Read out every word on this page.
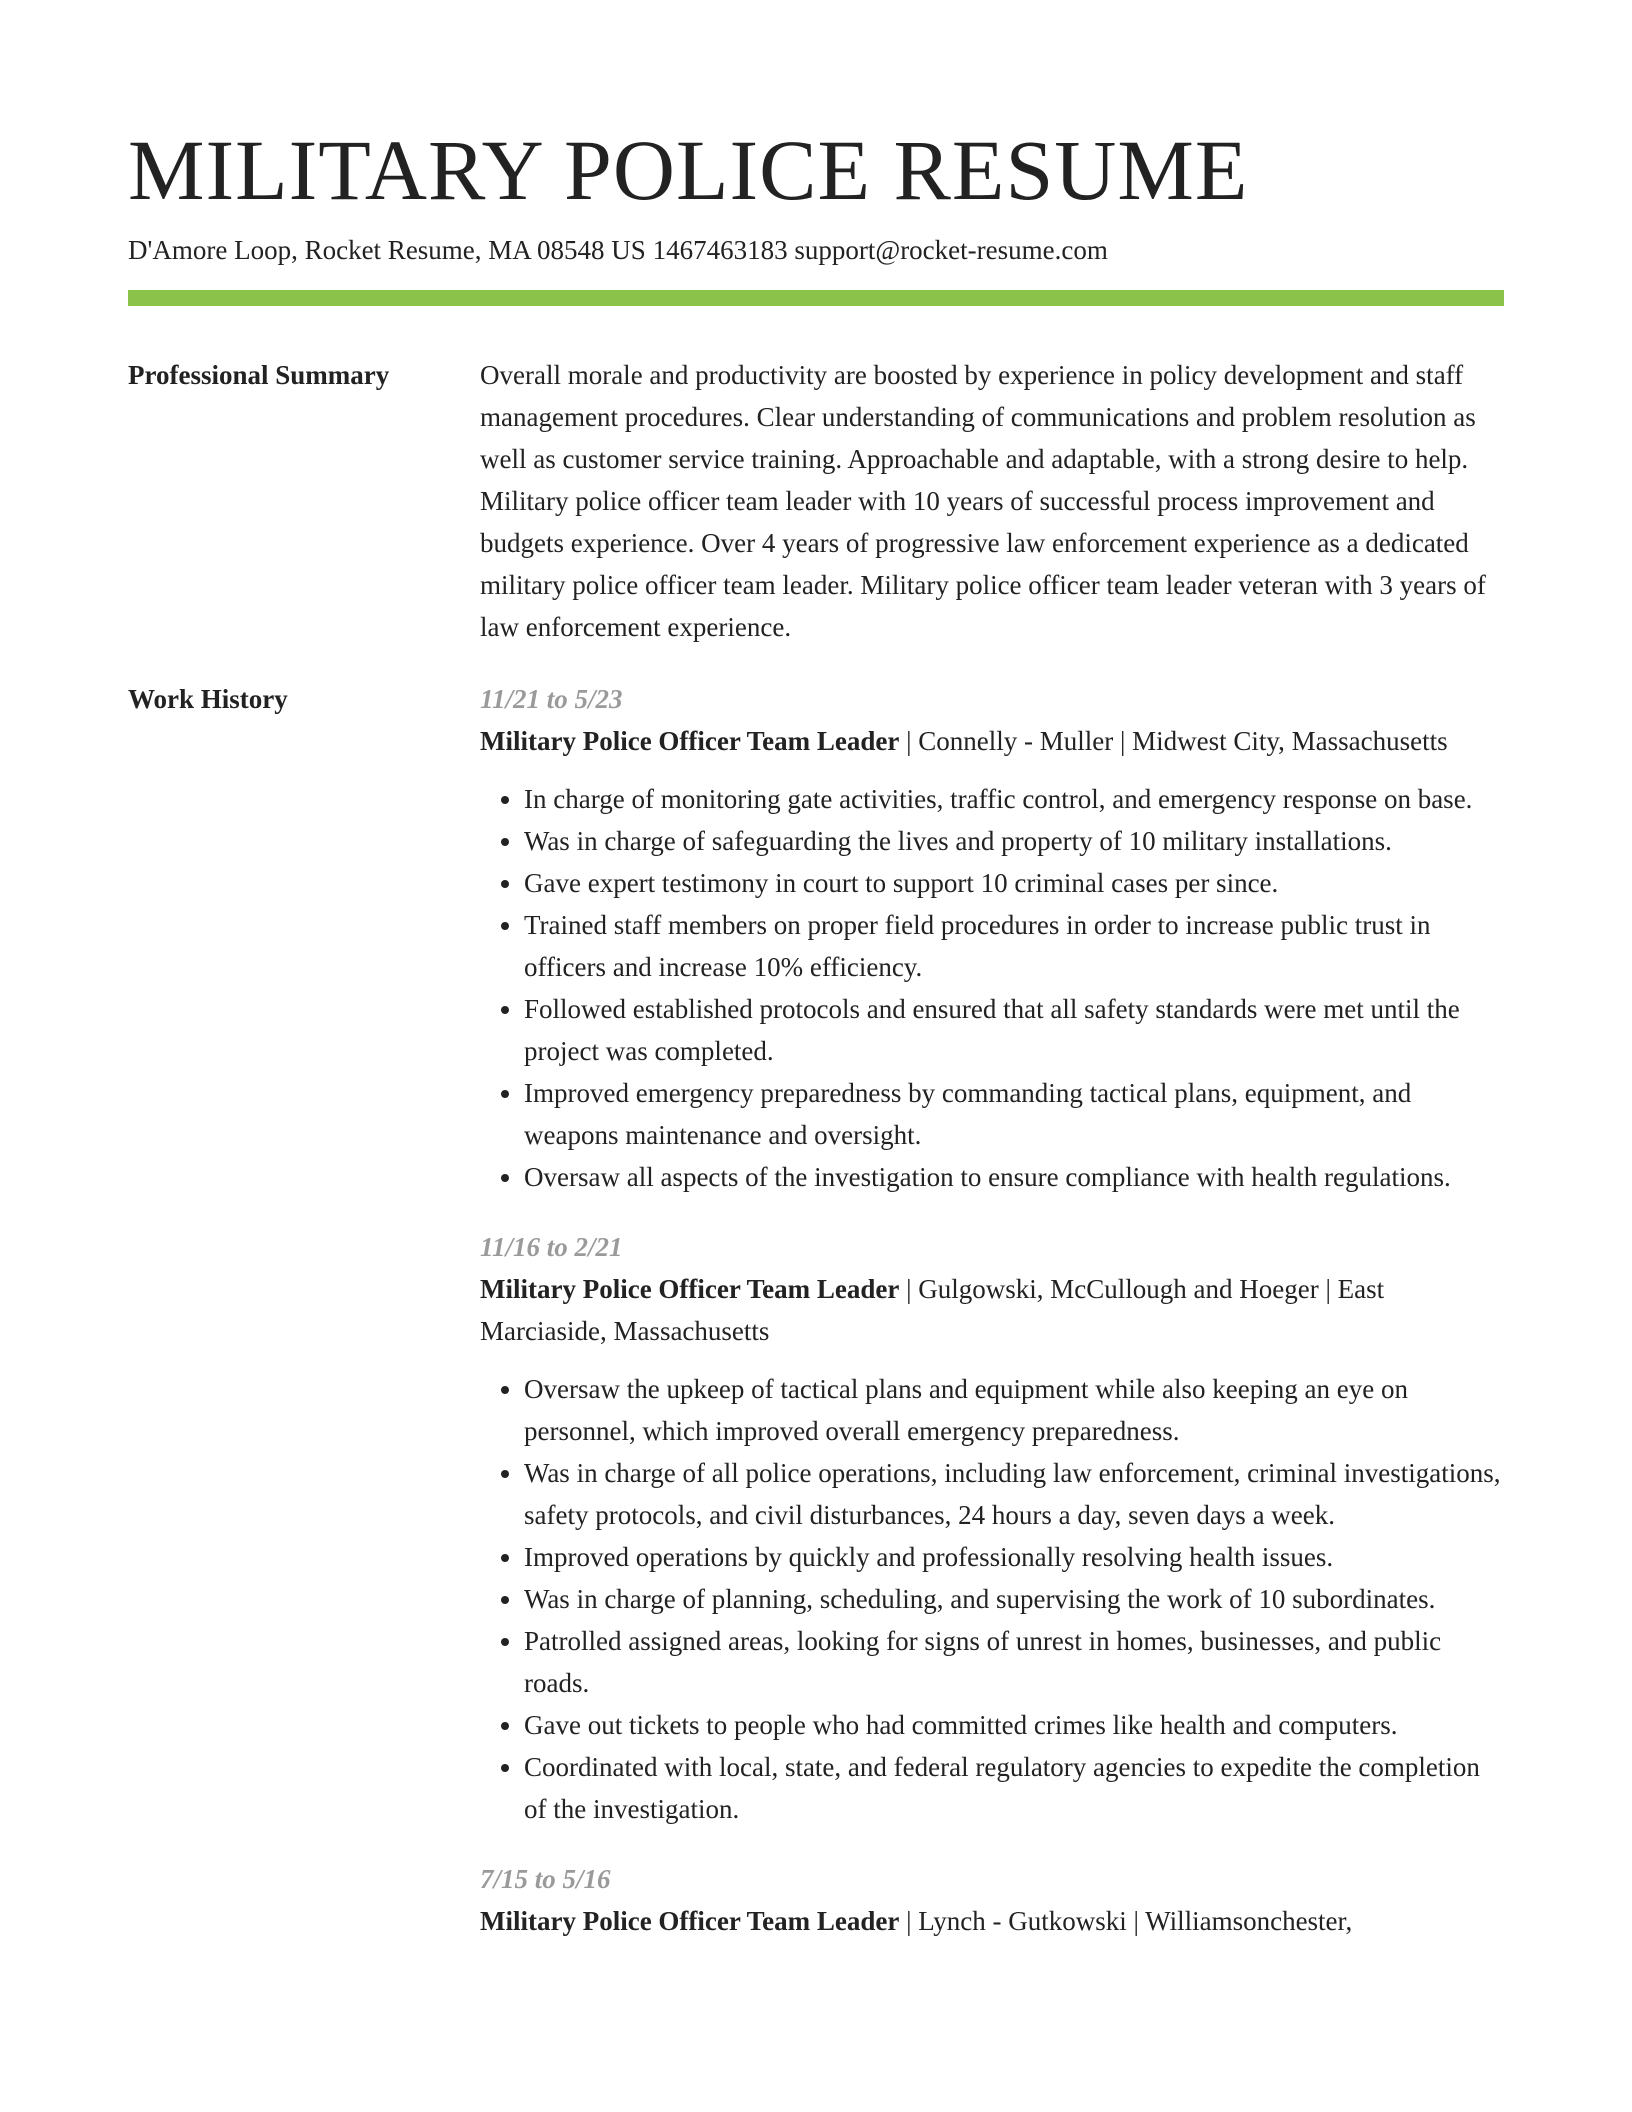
MILITARY POLICE RESUME
D'Amore Loop, Rocket Resume, MA 08548 US 1467463183 support@rocket-resume.com
Professional Summary	Overall morale and productivity are boosted by experience in policy development and staff management procedures. Clear understanding of communications and problem resolution as well as customer service training. Approachable and adaptable, with a strong desire to help. Military police officer team leader with 10 years of successful process improvement and budgets experience. Over 4 years of progressive law enforcement experience as a dedicated military police officer team leader. Military police officer team leader veteran with 3 years of law enforcement experience.

Work History	11/21 to 5/23

Military Police Officer Team Leader | Connelly - Muller | Midwest City, Massachusetts

• In charge of monitoring gate activities, traffic control, and emergency response on base.
• Was in charge of safeguarding the lives and property of 10 military installations.
• Gave expert testimony in court to support 10 criminal cases per since.
• Trained staff members on proper field procedures in order to increase public trust in officers and increase 10% efficiency.
• Followed established protocols and ensured that all safety standards were met until the project was completed.
• Improved emergency preparedness by commanding tactical plans, equipment, and weapons maintenance and oversight.
• Oversaw all aspects of the investigation to ensure compliance with health regulations.
11/16 to 2/21

Military Police Officer Team Leader | Gulgowski, McCullough and Hoeger | East Marciaside, Massachusetts

• Oversaw the upkeep of tactical plans and equipment while also keeping an eye on personnel, which improved overall emergency preparedness.
• Was in charge of all police operations, including law enforcement, criminal investigations, safety protocols, and civil disturbances, 24 hours a day, seven days a week.
• Improved operations by quickly and professionally resolving health issues.
• Was in charge of planning, scheduling, and supervising the work of 10 subordinates.
• Patrolled assigned areas, looking for signs of unrest in homes, businesses, and public roads.
• Gave out tickets to people who had committed crimes like health and computers.
• Coordinated with local, state, and federal regulatory agencies to expedite the completion of the investigation.
7/15 to 5/16

Military Police Officer Team Leader | Lynch - Gutkowski | Williamsonchester,
